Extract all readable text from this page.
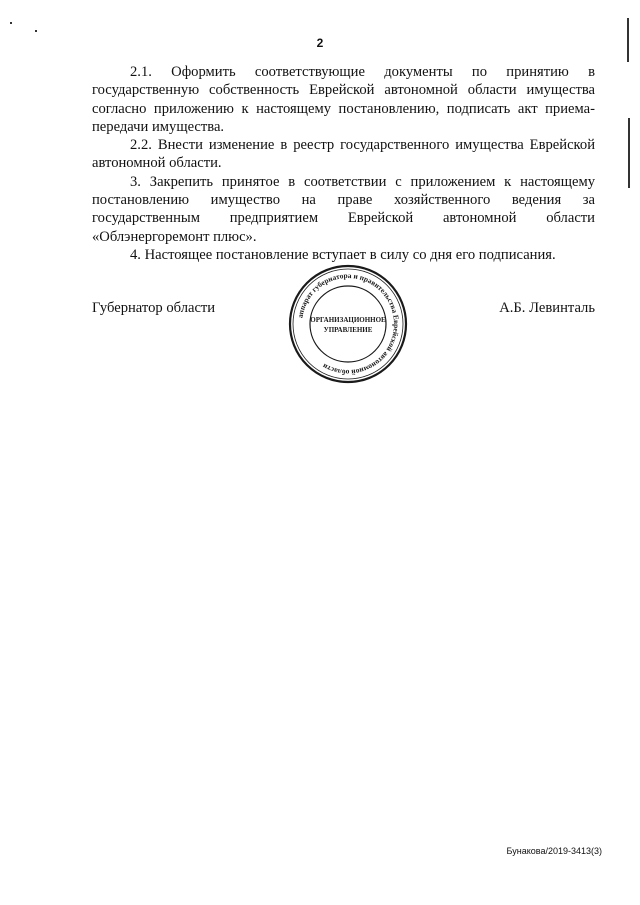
2

2.1. Оформить соответствующие документы по принятию в государственную собственность Еврейской автономной области имущества согласно приложению к настоящему постановлению, подписать акт приема-передачи имущества.

2.2. Внести изменение в реестр государственного имущества Еврейской автономной области.

3. Закрепить принятое в соответствии с приложением к настоящему постановлению имущество на праве хозяйственного ведения за государственным предприятием Еврейской автономной области «Облэнергоремонт плюс».

4. Настоящее постановление вступает в силу со дня его подписания.

Губернатор области	А.Б. Левинталь
аппарат губернатора и правительства Еврейской автономной области
ОРГАНИЗАЦИОННОЕ
УПРАВЛЕНИЕ
Бунакова/2019-3413(3)
